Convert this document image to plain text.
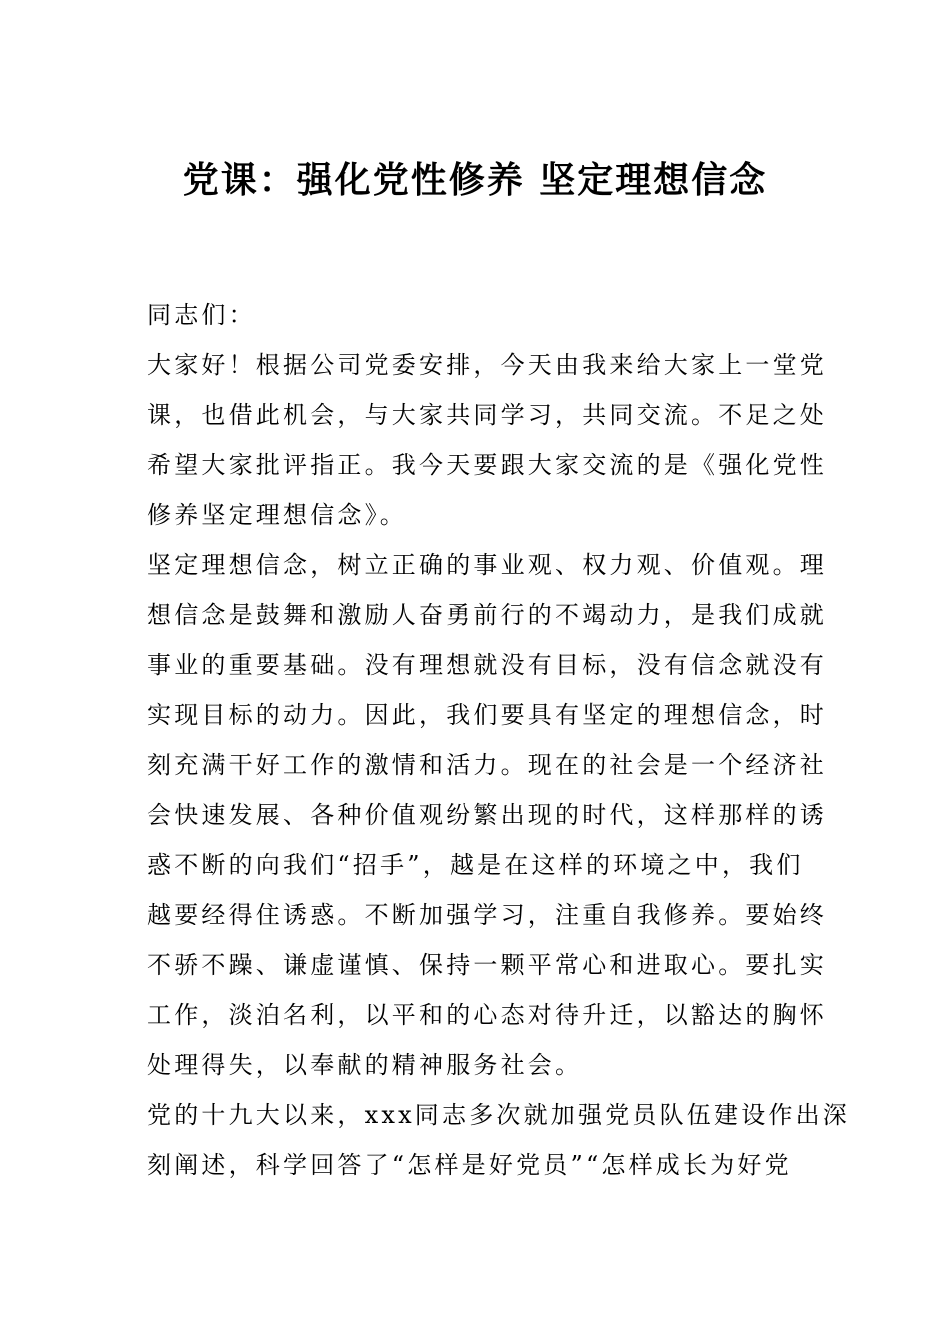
党课：强化党性修养 坚定理想信念
同志们：
大家好！根据公司党委安排，今天由我来给大家上一堂党
课，也借此机会，与大家共同学习，共同交流。不足之处
希望大家批评指正。我今天要跟大家交流的是《强化党性
修养坚定理想信念》。
坚定理想信念，树立正确的事业观、权力观、价值观。理
想信念是鼓舞和激励人奋勇前行的不竭动力，是我们成就
事业的重要基础。没有理想就没有目标，没有信念就没有
实现目标的动力。因此，我们要具有坚定的理想信念，时
刻充满干好工作的激情和活力。现在的社会是一个经济社
会快速发展、各种价值观纷繁出现的时代，这样那样的诱
惑不断的向我们“招手”，越是在这样的环境之中，我们
越要经得住诱惑。不断加强学习，注重自我修养。要始终
不骄不躁、谦虚谨慎、保持一颗平常心和进取心。要扎实
工作，淡泊名利，以平和的心态对待升迁，以豁达的胸怀
处理得失，以奉献的精神服务社会。
党的十九大以来，xxx同志多次就加强党员队伍建设作出深
刻阐述，科学回答了“怎样是好党员”“怎样成长为好党
